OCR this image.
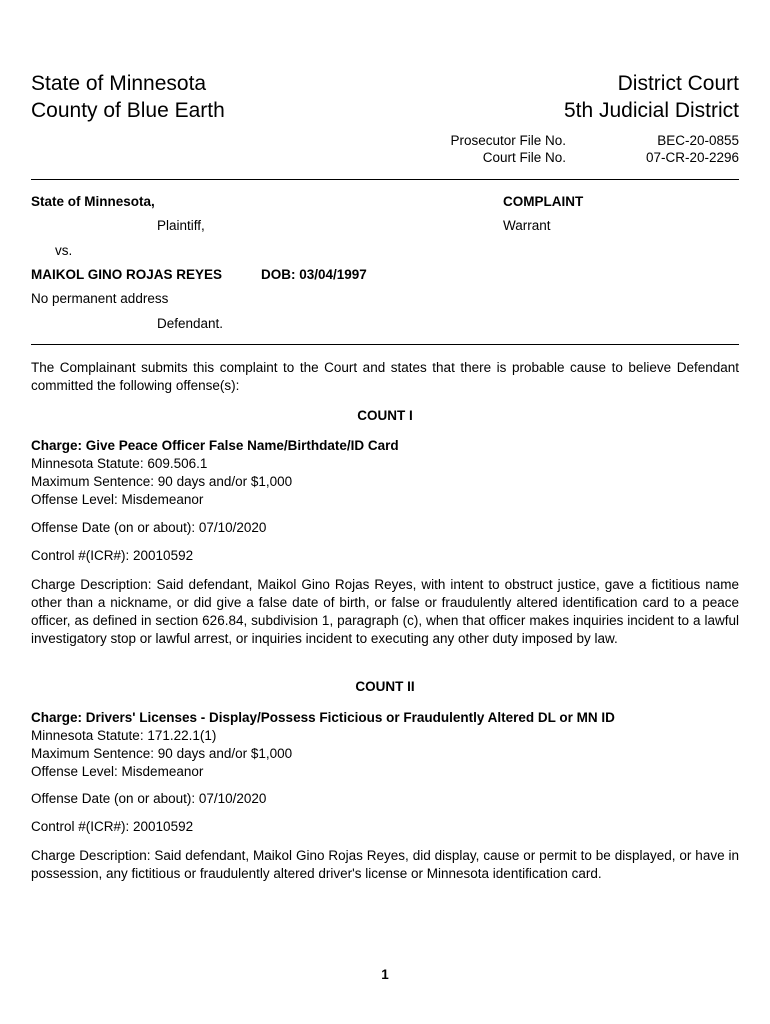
State of Minnesota
County of Blue Earth
District Court
5th Judicial District
Prosecutor File No.	BEC-20-0855
Court File No.	07-CR-20-2296
State of Minnesota,
Plaintiff,
vs.
MAIKOL GINO ROJAS REYES	DOB: 03/04/1997
No permanent address
Defendant.
COMPLAINT
Warrant
The Complainant submits this complaint to the Court and states that there is probable cause to believe Defendant committed the following offense(s):
COUNT I
Charge: Give Peace Officer False Name/Birthdate/ID Card
Minnesota Statute: 609.506.1
Maximum Sentence: 90 days and/or $1,000
Offense Level: Misdemeanor
Offense Date (on or about): 07/10/2020
Control #(ICR#): 20010592
Charge Description: Said defendant, Maikol Gino Rojas Reyes, with intent to obstruct justice, gave a fictitious name other than a nickname, or did give a false date of birth, or false or fraudulently altered identification card to a peace officer, as defined in section 626.84, subdivision 1, paragraph (c), when that officer makes inquiries incident to a lawful investigatory stop or lawful arrest, or inquiries incident to executing any other duty imposed by law.
COUNT II
Charge: Drivers' Licenses - Display/Possess Ficticious or Fraudulently Altered DL or MN ID
Minnesota Statute: 171.22.1(1)
Maximum Sentence: 90 days and/or $1,000
Offense Level: Misdemeanor
Offense Date (on or about): 07/10/2020
Control #(ICR#): 20010592
Charge Description: Said defendant, Maikol Gino Rojas Reyes, did display, cause or permit to be displayed, or have in possession, any fictitious or fraudulently altered driver's license or Minnesota identification card.
1
